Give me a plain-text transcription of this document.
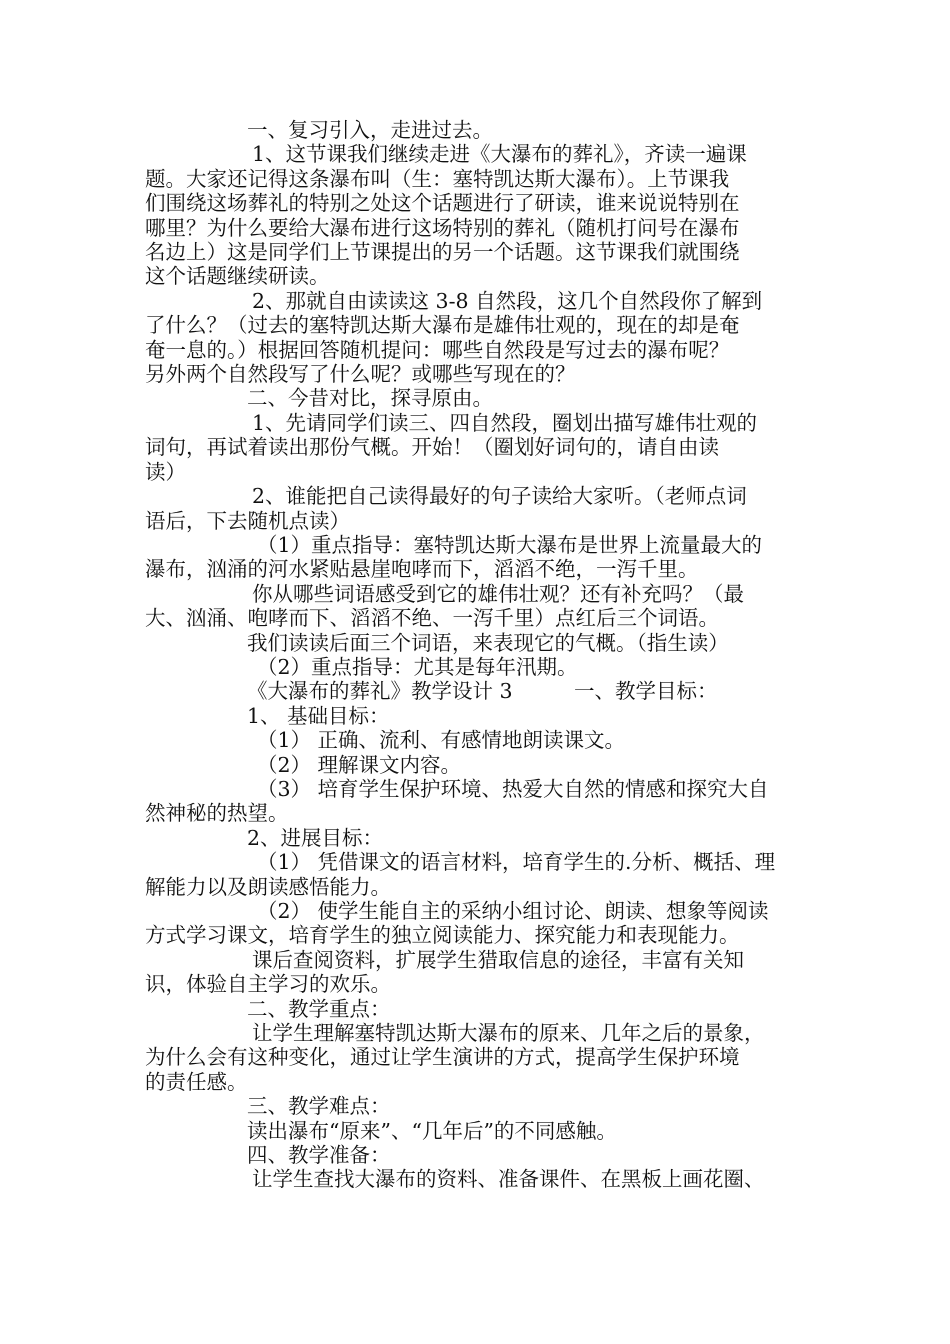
一、复习引入，走进过去。
1、这节课我们继续走进《大瀑布的葬礼》，齐读一遍课
题。大家还记得这条瀑布叫（生：塞特凯达斯大瀑布）。上节课我
们围绕这场葬礼的特别之处这个话题进行了研读，谁来说说特别在
哪里？为什么要给大瀑布进行这场特别的葬礼（随机打问号在瀑布
名边上）这是同学们上节课提出的另一个话题。这节课我们就围绕
这个话题继续研读。
2、那就自由读读这 3-8 自然段，这几个自然段你了解到
了什么？（过去的塞特凯达斯大瀑布是雄伟壮观的，现在的却是奄
奄一息的。）根据回答随机提问：哪些自然段是写过去的瀑布呢？
另外两个自然段写了什么呢？或哪些写现在的？
二、今昔对比，探寻原由。
1、先请同学们读三、四自然段，圈划出描写雄伟壮观的
词句，再试着读出那份气概。开始！（圈划好词句的，请自由读
读）
2、谁能把自己读得最好的句子读给大家听。（老师点词
语后，下去随机点读）
（1）重点指导：塞特凯达斯大瀑布是世界上流量最大的
瀑布，汹涌的河水紧贴悬崖咆哮而下，滔滔不绝，一泻千里。
你从哪些词语感受到它的雄伟壮观？还有补充吗？（最
大、汹涌、咆哮而下、滔滔不绝、一泻千里）点红后三个词语。
我们读读后面三个词语，来表现它的气概。（指生读）
（2）重点指导：尤其是每年汛期。
《大瀑布的葬礼》教学设计 3　　　一、教学目标：
1、 基础目标：
（1） 正确、流利、有感情地朗读课文。
（2） 理解课文内容。
（3） 培育学生保护环境、热爱大自然的情感和探究大自
然神秘的热望。
2、进展目标：
（1） 凭借课文的语言材料，培育学生的.分析、概括、理
解能力以及朗读感悟能力。
（2） 使学生能自主的采纳小组讨论、朗读、想象等阅读
方式学习课文，培育学生的独立阅读能力、探究能力和表现能力。
课后查阅资料，扩展学生猎取信息的途径，丰富有关知
识，体验自主学习的欢乐。
二、教学重点：
让学生理解塞特凯达斯大瀑布的原来、几年之后的景象，
为什么会有这种变化，通过让学生演讲的方式，提高学生保护环境
的责任感。
三、教学难点：
读出瀑布“原来”、“几年后”的不同感触。
四、教学准备：
让学生查找大瀑布的资料、准备课件、在黑板上画花圈、
